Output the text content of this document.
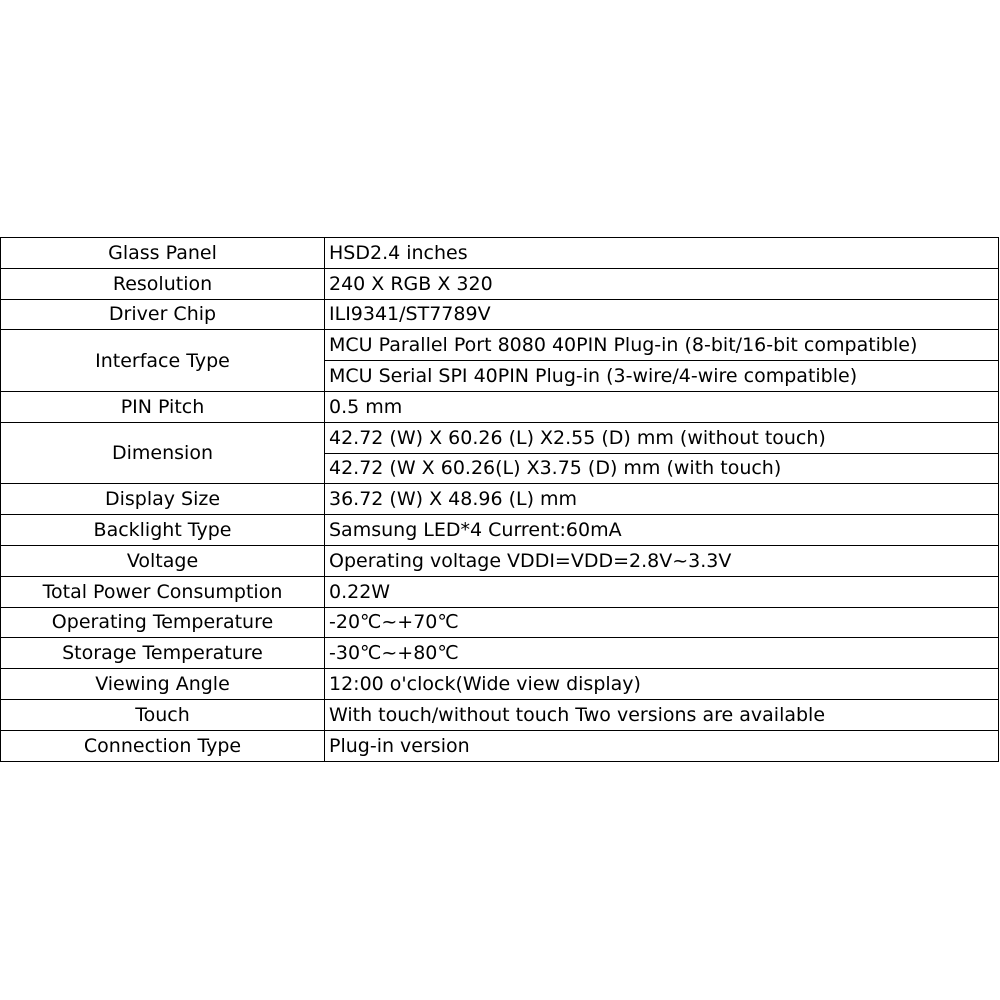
Glass Panel	HSD2.4 inches
Resolution	240 X RGB X 320
Driver Chip	ILI9341/ST7789V
Interface Type	MCU Parallel Port 8080 40PIN Plug-in (8-bit/16-bit compatible)
	MCU Serial SPI 40PIN Plug-in (3-wire/4-wire compatible)
PIN Pitch	0.5 mm
Dimension	42.72 (W) X 60.26 (L) X2.55 (D) mm (without touch)
	42.72 (W X 60.26(L) X3.75 (D) mm (with touch)
Display Size	36.72 (W) X 48.96 (L) mm
Backlight Type	Samsung LED*4 Current:60mA
Voltage	Operating voltage VDDI=VDD=2.8V~3.3V
Total Power Consumption	0.22W
Operating Temperature	-20℃~+70℃
Storage Temperature	-30℃~+80℃
Viewing Angle	12:00 o'clock(Wide view display)
Touch	With touch/without touch Two versions are available
Connection Type	Plug-in version
